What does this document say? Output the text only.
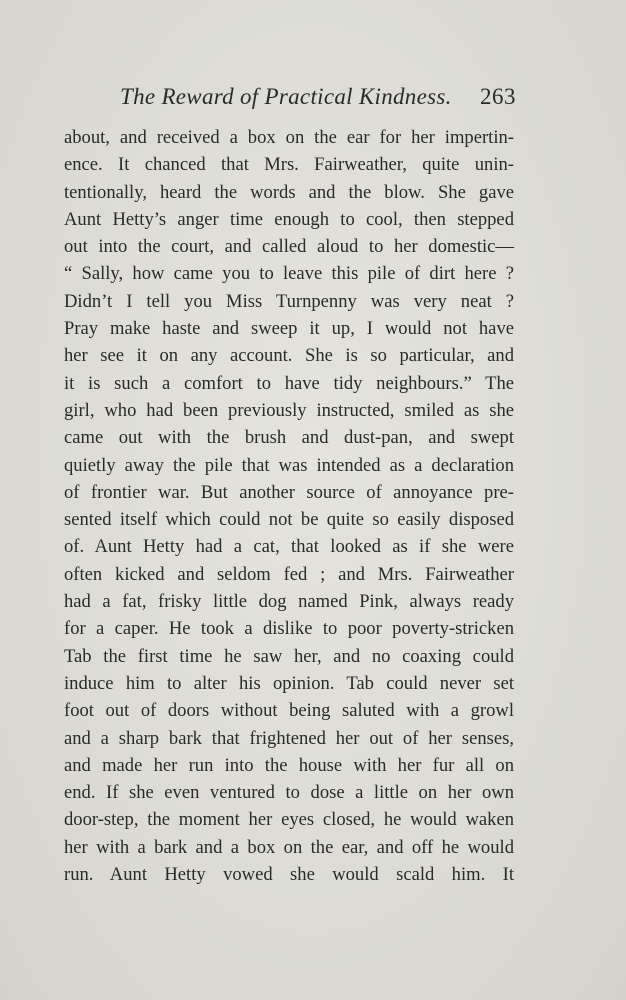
The Reward of Practical Kindness. 263
about, and received a box on the ear for her impertin-
ence. It chanced that Mrs. Fairweather, quite unin-
tentionally, heard the words and the blow. She gave
Aunt Hetty’s anger time enough to cool, then stepped
out into the court, and called aloud to her domestic—
“ Sally, how came you to leave this pile of dirt here ?
Didn’t I tell you Miss Turnpenny was very neat ?
Pray make haste and sweep it up, I would not have
her see it on any account. She is so particular, and
it is such a comfort to have tidy neighbours.” The
girl, who had been previously instructed, smiled as she
came out with the brush and dust-pan, and swept
quietly away the pile that was intended as a declaration
of frontier war. But another source of annoyance pre-
sented itself which could not be quite so easily disposed
of. Aunt Hetty had a cat, that looked as if she were
often kicked and seldom fed ; and Mrs. Fairweather
had a fat, frisky little dog named Pink, always ready
for a caper. He took a dislike to poor poverty-stricken
Tab the first time he saw her, and no coaxing could
induce him to alter his opinion. Tab could never set
foot out of doors without being saluted with a growl
and a sharp bark that frightened her out of her senses,
and made her run into the house with her fur all on
end. If she even ventured to dose a little on her own
door-step, the moment her eyes closed, he would waken
her with a bark and a box on the ear, and off he would
run. Aunt Hetty vowed she would scald him. It
